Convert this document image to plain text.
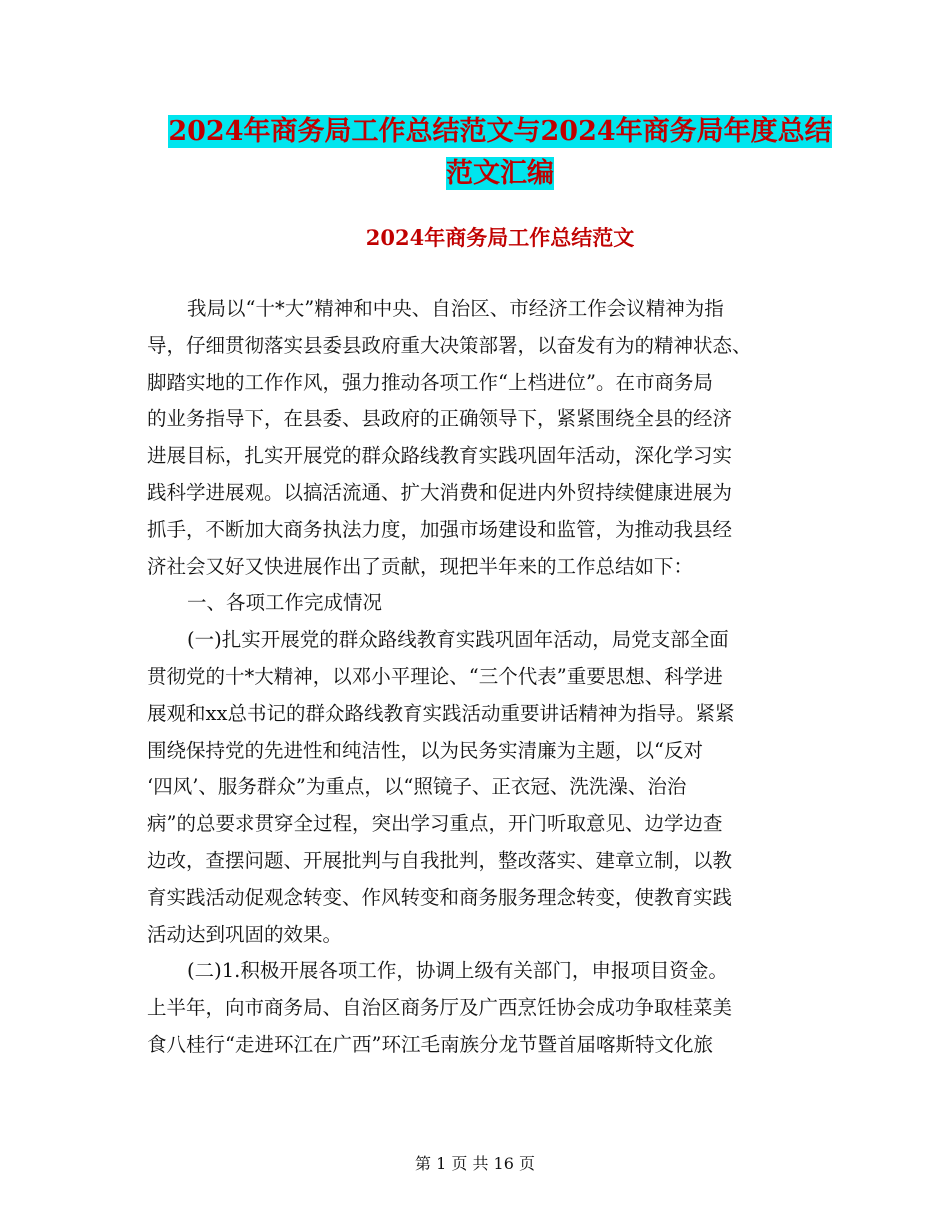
2024年商务局工作总结范文与2024年商务局年度总结
范文汇编
2024年商务局工作总结范文
我局以“十*大”精神和中央、自治区、市经济工作会议精神为指
导，仔细贯彻落实县委县政府重大决策部署，以奋发有为的精神状态、
脚踏实地的工作作风，强力推动各项工作“上档进位”。在市商务局
的业务指导下，在县委、县政府的正确领导下，紧紧围绕全县的经济
进展目标，扎实开展党的群众路线教育实践巩固年活动，深化学习实
践科学进展观。以搞活流通、扩大消费和促进内外贸持续健康进展为
抓手，不断加大商务执法力度，加强市场建设和监管，为推动我县经
济社会又好又快进展作出了贡献，现把半年来的工作总结如下：
一、各项工作完成情况
(一)扎实开展党的群众路线教育实践巩固年活动，局党支部全面
贯彻党的十*大精神，以邓小平理论、“三个代表”重要思想、科学进
展观和xx总书记的群众路线教育实践活动重要讲话精神为指导。紧紧
围绕保持党的先进性和纯洁性，以为民务实清廉为主题，以“反对
‘四风’、服务群众”为重点，以“照镜子、正衣冠、洗洗澡、治治
病”的总要求贯穿全过程，突出学习重点，开门听取意见、边学边查
边改，查摆问题、开展批判与自我批判，整改落实、建章立制，以教
育实践活动促观念转变、作风转变和商务服务理念转变，使教育实践
活动达到巩固的效果。
(二)1.积极开展各项工作，协调上级有关部门，申报项目资金。
上半年，向市商务局、自治区商务厅及广西烹饪协会成功争取桂菜美
食八桂行“走进环江在广西”环江毛南族分龙节暨首届喀斯特文化旅
第 1 页 共 16 页
